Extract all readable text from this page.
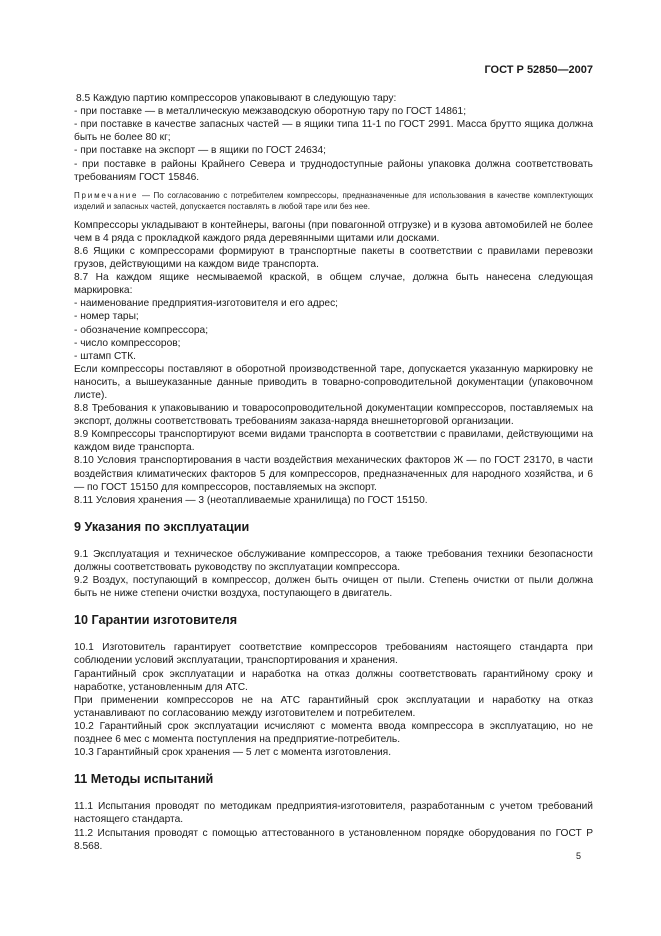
ГОСТ Р 52850—2007

8.5 Каждую партию компрессоров упаковывают в следующую тару:

- при поставке — в металлическую межзаводскую оборотную тару по ГОСТ 14861;

- при поставке в качестве запасных частей — в ящики типа 11-1 по ГОСТ 2991. Масса брутто ящика должна быть не более 80 кг;

- при поставке на экспорт — в ящики по ГОСТ 24634;

- при поставке в районы Крайнего Севера и труднодоступные районы упаковка должна соответствовать требованиям ГОСТ 15846.

Примечание — По согласованию с потребителем компрессоры, предназначенные для использования в качестве комплектующих изделий и запасных частей, допускается поставлять в любой таре или без нее.

Компрессоры укладывают в контейнеры, вагоны (при повагонной отгрузке) и в кузова автомобилей не более чем в 4 ряда с прокладкой каждого ряда деревянными щитами или досками.

8.6 Ящики с компрессорами формируют в транспортные пакеты в соответствии с правилами перевозки грузов, действующими на каждом виде транспорта.

8.7 На каждом ящике несмываемой краской, в общем случае, должна быть нанесена следующая маркировка:

- наименование предприятия-изготовителя и его адрес;

- номер тары;

- обозначение компрессора;

- число компрессоров;

- штамп СТК.

Если компрессоры поставляют в оборотной производственной таре, допускается указанную маркировку не наносить, а вышеуказанные данные приводить в товарно-сопроводительной документации (упаковочном листе).

8.8 Требования к упаковыванию и товаросопроводительной документации компрессоров, поставляемых на экспорт, должны соответствовать требованиям заказа-наряда внешнеторговой организации.

8.9 Компрессоры транспортируют всеми видами транспорта в соответствии с правилами, действующими на каждом виде транспорта.

8.10 Условия транспортирования в части воздействия механических факторов Ж — по ГОСТ 23170, в части воздействия климатических факторов 5 для компрессоров, предназначенных для народного хозяйства, и 6 — по ГОСТ 15150 для компрессоров, поставляемых на экспорт.

8.11 Условия хранения — 3 (неотапливаемые хранилища) по ГОСТ 15150.

9 Указания по эксплуатации

9.1 Эксплуатация и техническое обслуживание компрессоров, а также требования техники безопасности должны соответствовать руководству по эксплуатации компрессора.

9.2 Воздух, поступающий в компрессор, должен быть очищен от пыли. Степень очистки от пыли должна быть не ниже степени очистки воздуха, поступающего в двигатель.

10 Гарантии изготовителя

10.1 Изготовитель гарантирует соответствие компрессоров требованиям настоящего стандарта при соблюдении условий эксплуатации, транспортирования и хранения.

Гарантийный срок эксплуатации и наработка на отказ должны соответствовать гарантийному сроку и наработке, установленным для АТС.

При применении компрессоров не на АТС гарантийный срок эксплуатации и наработку на отказ устанавливают по согласованию между изготовителем и потребителем.

10.2 Гарантийный срок эксплуатации исчисляют с момента ввода компрессора в эксплуатацию, но не позднее 6 мес с момента поступления на предприятие-потребитель.

10.3 Гарантийный срок хранения — 5 лет с момента изготовления.

11 Методы испытаний

11.1 Испытания проводят по методикам предприятия-изготовителя, разработанным с учетом требований настоящего стандарта.

11.2 Испытания проводят с помощью аттестованного в установленном порядке оборудования по ГОСТ Р 8.568.

5
